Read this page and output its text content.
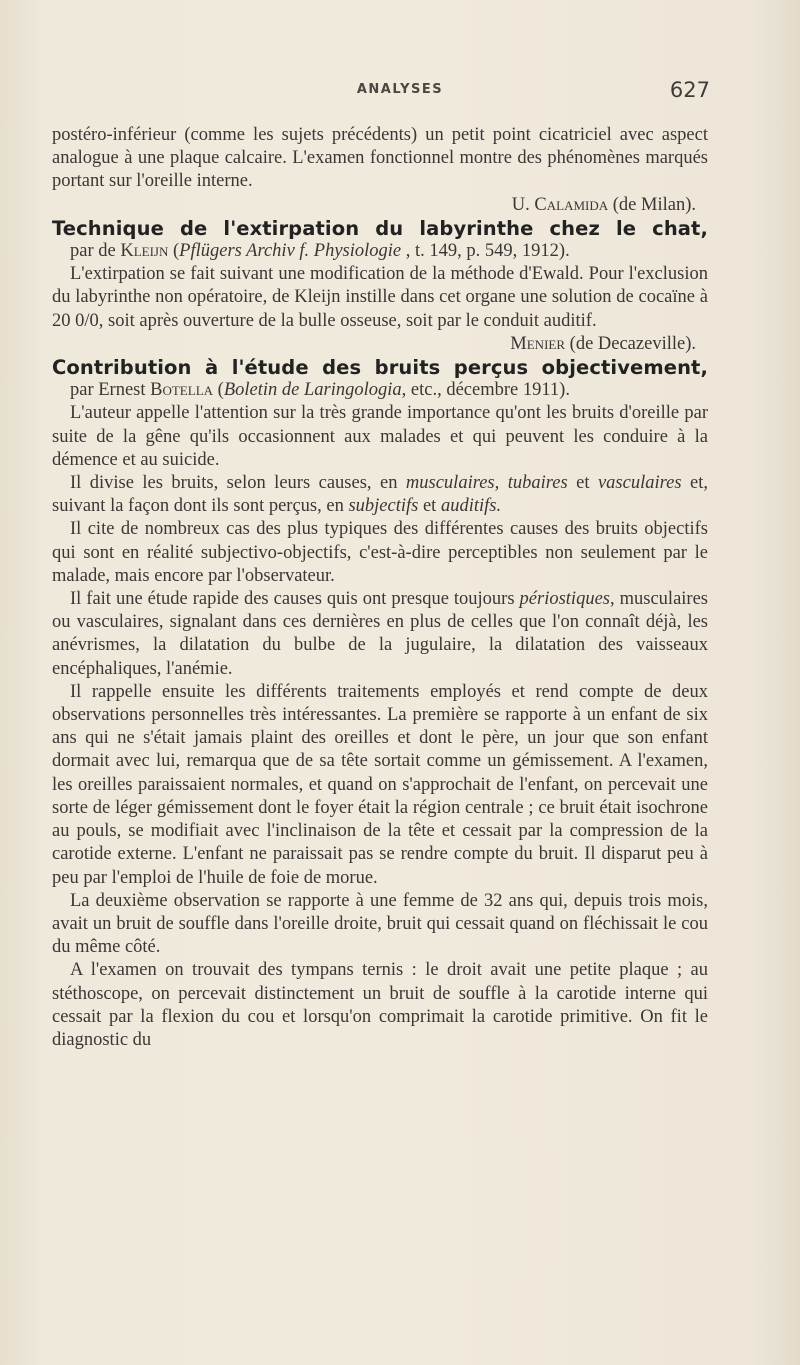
ANALYSES	627

postéro-inférieur (comme les sujets précédents) un petit point cicatriciel avec aspect analogue à une plaque calcaire. L'examen fonctionnel montre des phénomènes marqués portant sur l'oreille interne.

U. Calamida (de Milan).

Technique de l'extirpation du labyrinthe chez le chat,
par de Kleijn (Pflügers Archiv f. Physiologie , t. 149, p. 549, 1912).

L'extirpation se fait suivant une modification de la méthode d'Ewald. Pour l'exclusion du labyrinthe non opératoire, de Kleijn instille dans cet organe une solution de cocaïne à 20 0/0, soit après ouverture de la bulle osseuse, soit par le conduit auditif.

Menier (de Decazeville).

Contribution à l'étude des bruits perçus objectivement,
par Ernest Botella (Boletin de Laringologia, etc., décembre 1911).

L'auteur appelle l'attention sur la très grande importance qu'ont les bruits d'oreille par suite de la gêne qu'ils occasionnent aux malades et qui peuvent les conduire à la démence et au suicide.

Il divise les bruits, selon leurs causes, en musculaires, tubaires et vasculaires et, suivant la façon dont ils sont perçus, en subjectifs et auditifs.

Il cite de nombreux cas des plus typiques des différentes causes des bruits objectifs qui sont en réalité subjectivo-objectifs, c'est-à-dire perceptibles non seulement par le malade, mais encore par l'observateur.

Il fait une étude rapide des causes quis ont presque toujours périostiques, musculaires ou vasculaires, signalant dans ces dernières en plus de celles que l'on connaît déjà, les anévrismes, la dilatation du bulbe de la jugulaire, la dilatation des vaisseaux encéphaliques, l'anémie.

Il rappelle ensuite les différents traitements employés et rend compte de deux observations personnelles très intéressantes. La première se rapporte à un enfant de six ans qui ne s'était jamais plaint des oreilles et dont le père, un jour que son enfant dormait avec lui, remarqua que de sa tête sortait comme un gémissement. A l'examen, les oreilles paraissaient normales, et quand on s'approchait de l'enfant, on percevait une sorte de léger gémissement dont le foyer était la région centrale ; ce bruit était isochrone au pouls, se modifiait avec l'inclinaison de la tête et cessait par la compression de la carotide externe. L'enfant ne paraissait pas se rendre compte du bruit. Il disparut peu à peu par l'emploi de l'huile de foie de morue.

La deuxième observation se rapporte à une femme de 32 ans qui, depuis trois mois, avait un bruit de souffle dans l'oreille droite, bruit qui cessait quand on fléchissait le cou du même côté.

A l'examen on trouvait des tympans ternis : le droit avait une petite plaque ; au stéthoscope, on percevait distinctement un bruit de souffle à la carotide interne qui cessait par la flexion du cou et lorsqu'on comprimait la carotide primitive. On fit le diagnostic du
